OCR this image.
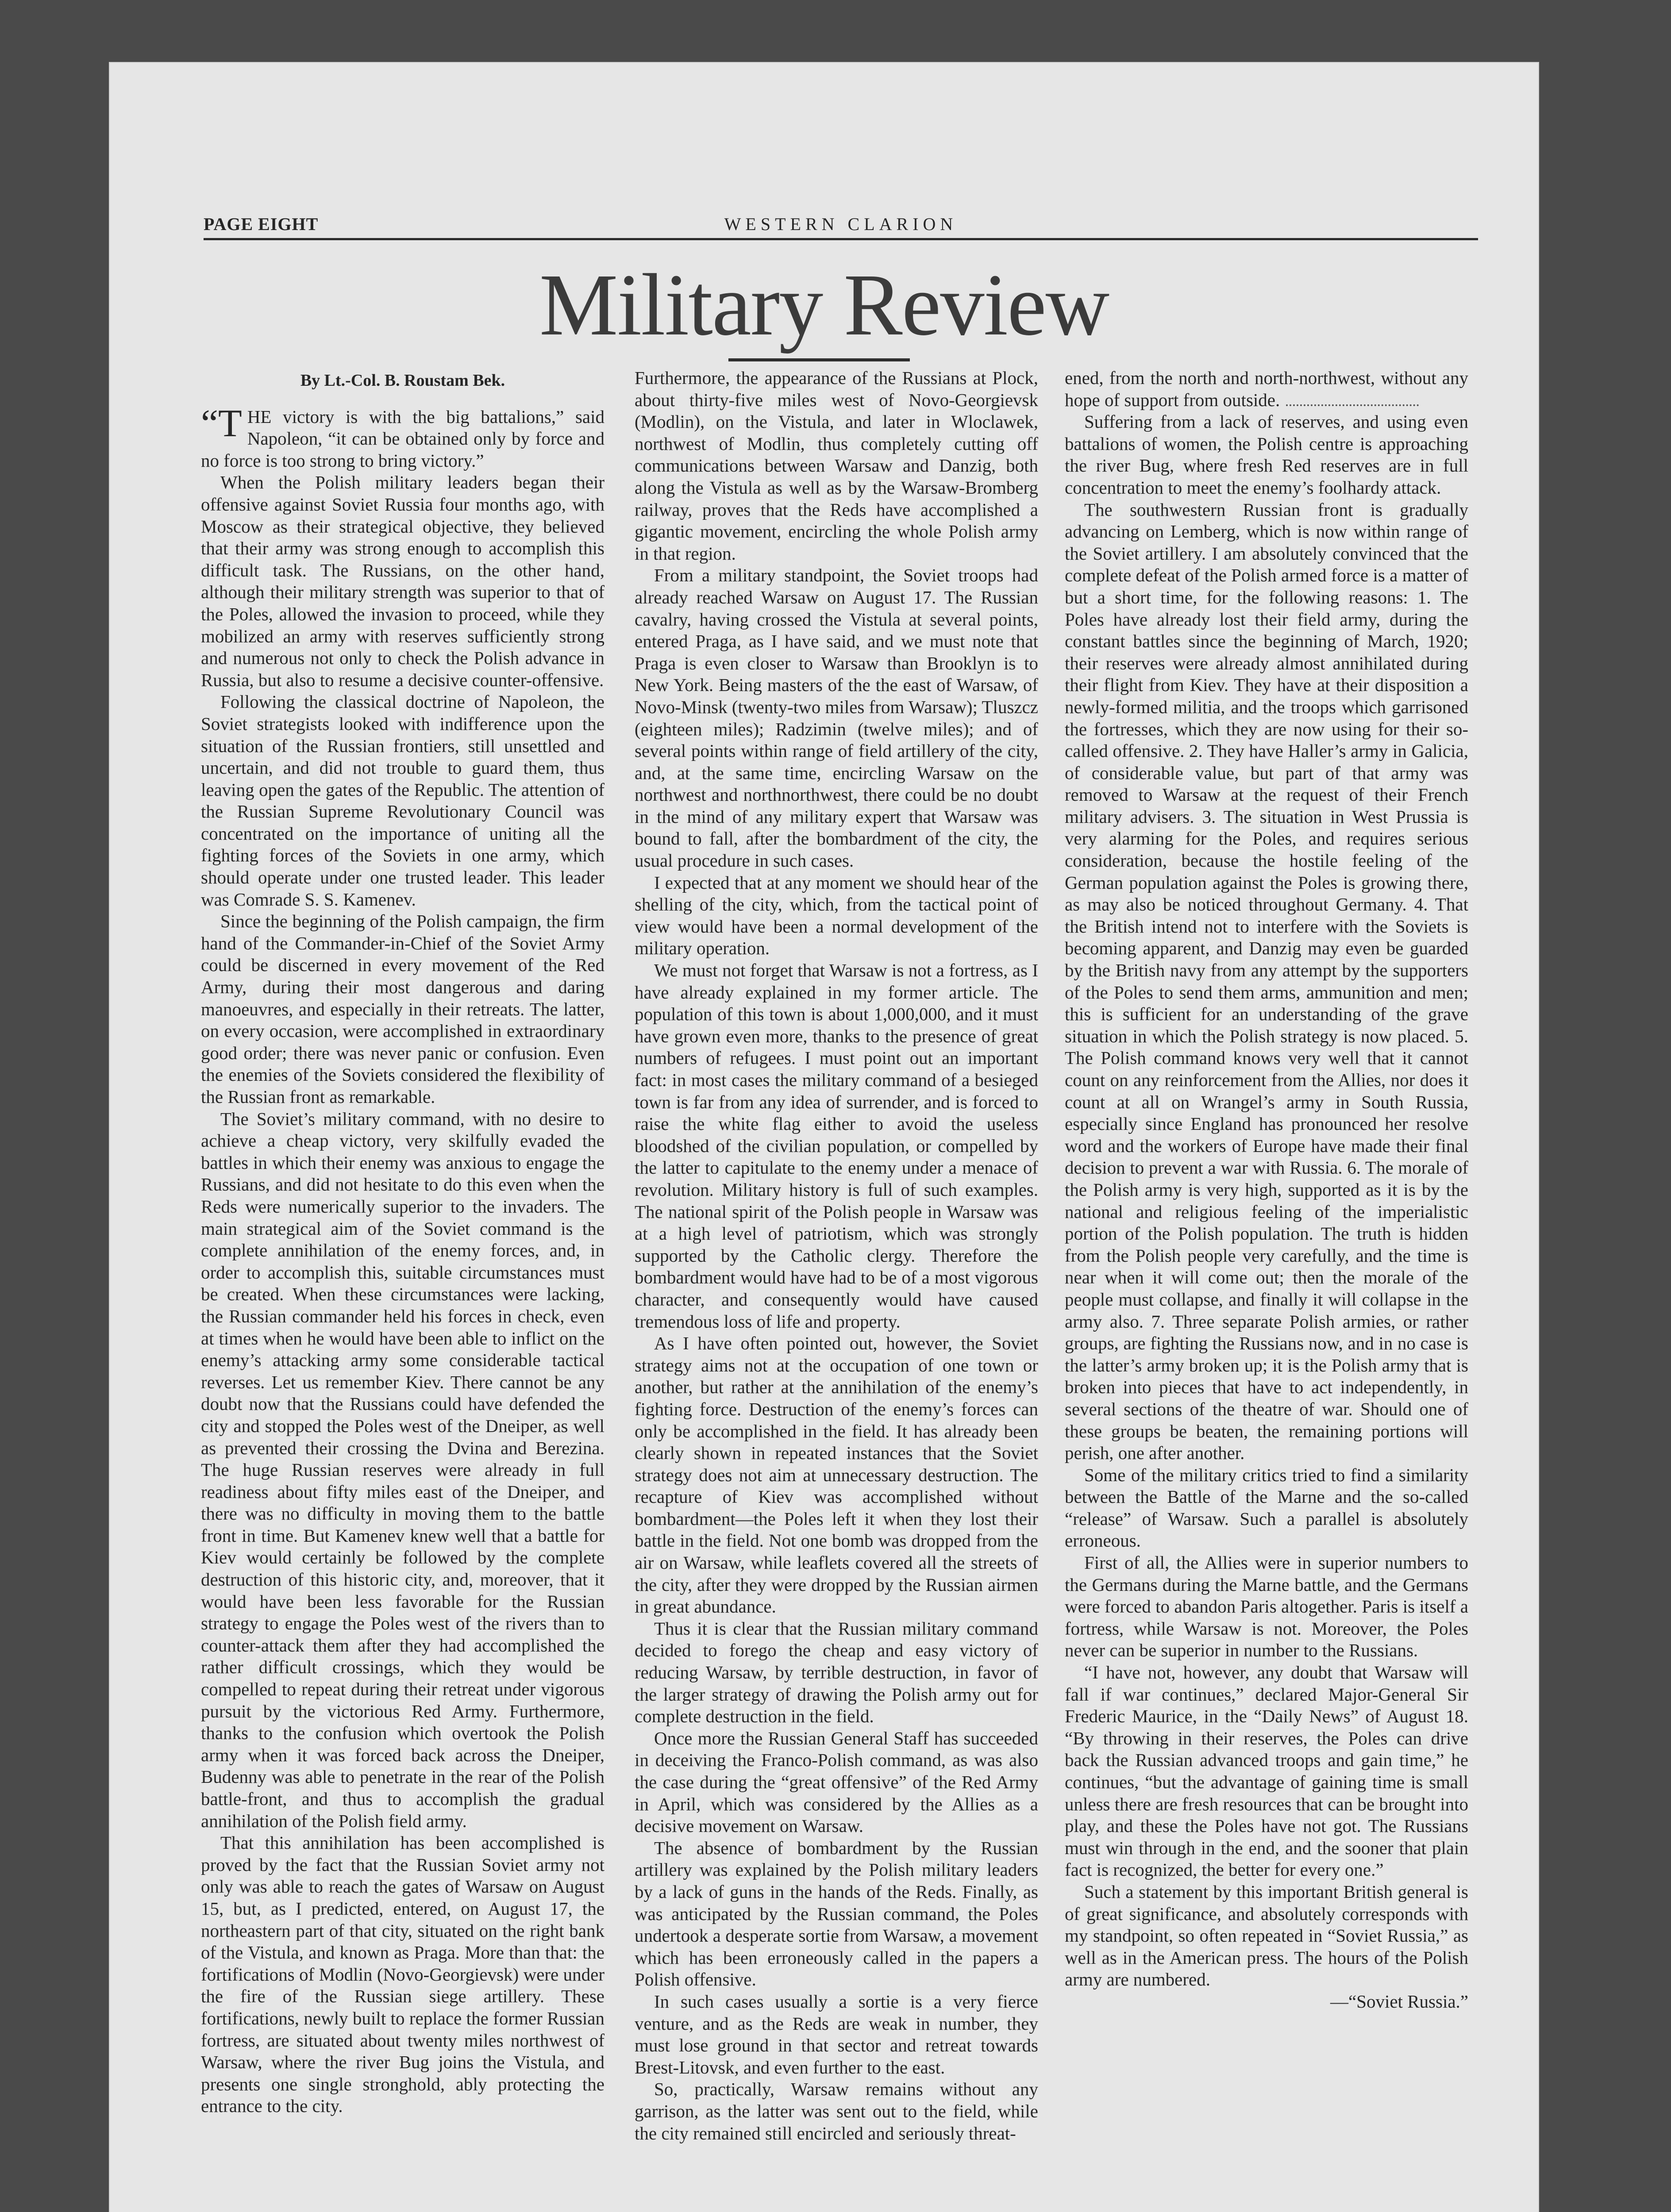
PAGE EIGHT	WESTERN CLARION
Military Review

By Lt.-Col. B. Roustam Bek.

“THE victory is with the big battalions,” said Napoleon, “it can be obtained only by force and no force is too strong to bring victory.”

When the Polish military leaders began their offensive against Soviet Russia four months ago, with Moscow as their strategical objective, they believed that their army was strong enough to accomplish this difficult task. The Russians, on the other hand, although their military strength was superior to that of the Poles, allowed the invasion to proceed, while they mobilized an army with reserves sufficiently strong and numerous not only to check the Polish advance in Russia, but also to resume a decisive counter-offensive.

Following the classical doctrine of Napoleon, the Soviet strategists looked with indifference upon the situation of the Russian frontiers, still unsettled and uncertain, and did not trouble to guard them, thus leaving open the gates of the Republic. The attention of the Russian Supreme Revolutionary Council was concentrated on the importance of uniting all the fighting forces of the Soviets in one army, which should operate under one trusted leader. This leader was Comrade S. S. Kamenev.

Since the beginning of the Polish campaign, the firm hand of the Commander-in-Chief of the Soviet Army could be discerned in every movement of the Red Army, during their most dangerous and daring manoeuvres, and especially in their retreats. The latter, on every occasion, were accomplished in extraordinary good order; there was never panic or confusion. Even the enemies of the Soviets considered the flexibility of the Russian front as remarkable.

The Soviet’s military command, with no desire to achieve a cheap victory, very skilfully evaded the battles in which their enemy was anxious to engage the Russians, and did not hesitate to do this even when the Reds were numerically superior to the invaders. The main strategical aim of the Soviet command is the complete annihilation of the enemy forces, and, in order to accomplish this, suitable circumstances must be created. When these circumstances were lacking, the Russian commander held his forces in check, even at times when he would have been able to inflict on the enemy’s attacking army some considerable tactical reverses. Let us remember Kiev. There cannot be any doubt now that the Russians could have defended the city and stopped the Poles west of the Dneiper, as well as prevented their crossing the Dvina and Berezina. The huge Russian reserves were already in full readiness about fifty miles east of the Dneiper, and there was no difficulty in moving them to the battle front in time. But Kamenev knew well that a battle for Kiev would certainly be followed by the complete destruction of this historic city, and, moreover, that it would have been less favorable for the Russian strategy to engage the Poles west of the rivers than to counter-attack them after they had accomplished the rather difficult crossings, which they would be compelled to repeat during their retreat under vigorous pursuit by the victorious Red Army. Furthermore, thanks to the confusion which overtook the Polish army when it was forced back across the Dneiper, Budenny was able to penetrate in the rear of the Polish battle-front, and thus to accomplish the gradual annihilation of the Polish field army.

That this annihilation has been accomplished is proved by the fact that the Russian Soviet army not only was able to reach the gates of Warsaw on August 15, but, as I predicted, entered, on August 17, the northeastern part of that city, situated on the right bank of the Vistula, and known as Praga. More than that: the fortifications of Modlin (Novo-Georgievsk) were under the fire of the Russian siege artillery. These fortifications, newly built to replace the former Russian fortress, are situated about twenty miles northwest of Warsaw, where the river Bug joins the Vistula, and presents one single stronghold, ably protecting the entrance to the city.

Furthermore, the appearance of the Russians at Plock, about thirty-five miles west of Novo-Georgievsk (Modlin), on the Vistula, and later in Wloclawek, northwest of Modlin, thus completely cutting off communications between Warsaw and Danzig, both along the Vistula as well as by the Warsaw-Bromberg railway, proves that the Reds have accomplished a gigantic movement, encircling the whole Polish army in that region.

From a military standpoint, the Soviet troops had already reached Warsaw on August 17. The Russian cavalry, having crossed the Vistula at several points, entered Praga, as I have said, and we must note that Praga is even closer to Warsaw than Brooklyn is to New York. Being masters of the the east of Warsaw, of Novo-Minsk (twenty-two miles from Warsaw); Tluszcz (eighteen miles); Radzimin (twelve miles); and of several points within range of field artillery of the city, and, at the same time, encircling Warsaw on the northwest and northnorthwest, there could be no doubt in the mind of any military expert that Warsaw was bound to fall, after the bombardment of the city, the usual procedure in such cases.

I expected that at any moment we should hear of the shelling of the city, which, from the tactical point of view would have been a normal development of the military operation.

We must not forget that Warsaw is not a fortress, as I have already explained in my former article. The population of this town is about 1,000,000, and it must have grown even more, thanks to the presence of great numbers of refugees. I must point out an important fact: in most cases the military command of a besieged town is far from any idea of surrender, and is forced to raise the white flag either to avoid the useless bloodshed of the civilian population, or compelled by the latter to capitulate to the enemy under a menace of revolution. Military history is full of such examples. The national spirit of the Polish people in Warsaw was at a high level of patriotism, which was strongly supported by the Catholic clergy. Therefore the bombardment would have had to be of a most vigorous character, and consequently would have caused tremendous loss of life and property.

As I have often pointed out, however, the Soviet strategy aims not at the occupation of one town or another, but rather at the annihilation of the enemy’s fighting force. Destruction of the enemy’s forces can only be accomplished in the field. It has already been clearly shown in repeated instances that the Soviet strategy does not aim at unnecessary destruction. The recapture of Kiev was accomplished without bombardment—the Poles left it when they lost their battle in the field. Not one bomb was dropped from the air on Warsaw, while leaflets covered all the streets of the city, after they were dropped by the Russian airmen in great abundance.

Thus it is clear that the Russian military command decided to forego the cheap and easy victory of reducing Warsaw, by terrible destruction, in favor of the larger strategy of drawing the Polish army out for complete destruction in the field.

Once more the Russian General Staff has succeeded in deceiving the Franco-Polish command, as was also the case during the “great offensive” of the Red Army in April, which was considered by the Allies as a decisive movement on Warsaw.

The absence of bombardment by the Russian artillery was explained by the Polish military leaders by a lack of guns in the hands of the Reds. Finally, as was anticipated by the Russian command, the Poles undertook a desperate sortie from Warsaw, a movement which has been erroneously called in the papers a Polish offensive.

In such cases usually a sortie is a very fierce venture, and as the Reds are weak in number, they must lose ground in that sector and retreat towards Brest-Litovsk, and even further to the east.

So, practically, Warsaw remains without any garrison, as the latter was sent out to the field, while the city remained still encircled and seriously threat-

ened, from the north and north-northwest, without any hope of support from outside.

Suffering from a lack of reserves, and using even battalions of women, the Polish centre is approaching the river Bug, where fresh Red reserves are in full concentration to meet the enemy’s foolhardy attack.

The southwestern Russian front is gradually advancing on Lemberg, which is now within range of the Soviet artillery. I am absolutely convinced that the complete defeat of the Polish armed force is a matter of but a short time, for the following reasons: 1. The Poles have already lost their field army, during the constant battles since the beginning of March, 1920; their reserves were already almost annihilated during their flight from Kiev. They have at their disposition a newly-formed militia, and the troops which garrisoned the fortresses, which they are now using for their so-called offensive. 2. They have Haller’s army in Galicia, of considerable value, but part of that army was removed to Warsaw at the request of their French military advisers. 3. The situation in West Prussia is very alarming for the Poles, and requires serious consideration, because the hostile feeling of the German population against the Poles is growing there, as may also be noticed throughout Germany. 4. That the British intend not to interfere with the Soviets is becoming apparent, and Danzig may even be guarded by the British navy from any attempt by the supporters of the Poles to send them arms, ammunition and men; this is sufficient for an understanding of the grave situation in which the Polish strategy is now placed. 5. The Polish command knows very well that it cannot count on any reinforcement from the Allies, nor does it count at all on Wrangel’s army in South Russia, especially since England has pronounced her resolve word and the workers of Europe have made their final decision to prevent a war with Russia. 6. The morale of the Polish army is very high, supported as it is by the national and religious feeling of the imperialistic portion of the Polish population. The truth is hidden from the Polish people very carefully, and the time is near when it will come out; then the morale of the people must collapse, and finally it will collapse in the army also. 7. Three separate Polish armies, or rather groups, are fighting the Russians now, and in no case is the latter’s army broken up; it is the Polish army that is broken into pieces that have to act independently, in several sections of the theatre of war. Should one of these groups be beaten, the remaining portions will perish, one after another.

Some of the military critics tried to find a similarity between the Battle of the Marne and the so-called “release” of Warsaw. Such a parallel is absolutely erroneous.

First of all, the Allies were in superior numbers to the Germans during the Marne battle, and the Germans were forced to abandon Paris altogether. Paris is itself a fortress, while Warsaw is not. Moreover, the Poles never can be superior in number to the Russians.

“I have not, however, any doubt that Warsaw will fall if war continues,” declared Major-General Sir Frederic Maurice, in the “Daily News” of August 18. “By throwing in their reserves, the Poles can drive back the Russian advanced troops and gain time,” he continues, “but the advantage of gaining time is small unless there are fresh resources that can be brought into play, and these the Poles have not got. The Russians must win through in the end, and the sooner that plain fact is recognized, the better for every one.”

Such a statement by this important British general is of great significance, and absolutely corresponds with my standpoint, so often repeated in “Soviet Russia,” as well as in the American press. The hours of the Polish army are numbered.

—“Soviet Russia.”
